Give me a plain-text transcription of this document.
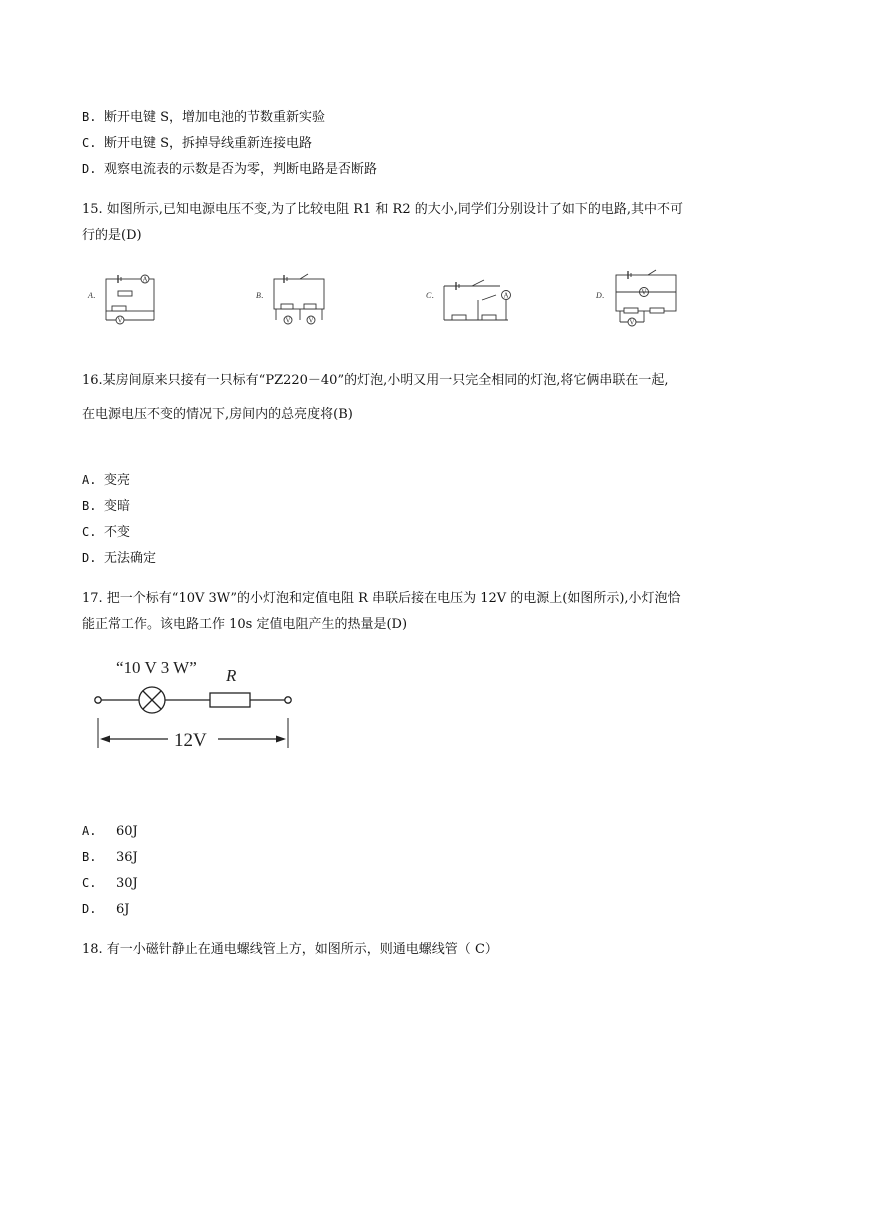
B. 断开电键 S，增加电池的节数重新实验
C. 断开电键 S，拆掉导线重新连接电路
D. 观察电流表的示数是否为零，判断电路是否断路
15. 如图所示,已知电源电压不变,为了比较电阻 R1 和 R2 的大小,同学们分别设计了如下的电路,其中不可
行的是(D)
A．
A
V
B．
V	V
C．	A	D．	V
V
16.某房间原来只接有一只标有“PZ220－40”的灯泡,小明又用一只完全相同的灯泡,将它俩串联在一起,
在电源电压不变的情况下,房间内的总亮度将(B)
A. 变亮
B. 变暗
C. 不变
D. 无法确定
17. 把一个标有“10V 3W”的小灯泡和定值电阻 R 串联后接在电压为 12V 的电源上(如图所示),小灯泡恰
能正常工作。该电路工作 10s 定值电阻产生的热量是(D)
“10 V 3 W” R
12V
A. 60J
B. 36J
C. 30J
D. 6J
18. 有一小磁针静止在通电螺线管上方，如图所示，则通电螺线管（ C）
